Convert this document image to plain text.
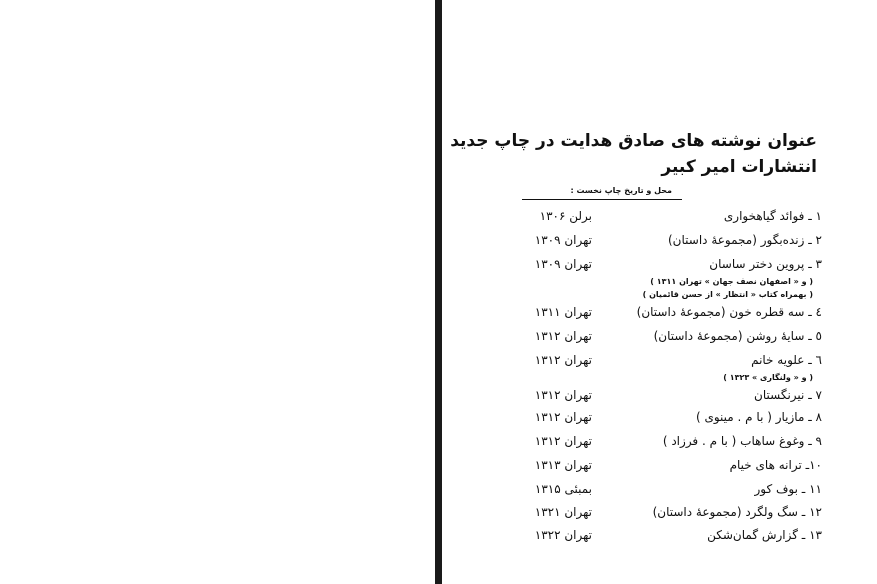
عنوان نوشته های صادق هدایت در چاپ جدید
انتشارات امیر کبیر
محل و تاریخ چاپ نخست :
۱ ـ فوائد گیاهخواری
برلن ۱۳۰۶
۲ ـ زنده‌بگور (مجموعهٔ داستان)
تهران ۱۳۰۹
۳ ـ پروین دختر ساسان
تهران ۱۳۰۹
( و « اصفهان نصف جهان » تهران ۱۳۱۱ )
( بهمراه کتاب « انتظار » از حسن قائمیان )
٤ ـ سه قطره خون (مجموعهٔ داستان)
تهران ۱۳۱۱
٥ ـ سایهٔ روشن (مجموعهٔ داستان)
تهران ۱۳۱۲
٦ ـ علویه خانم
تهران ۱۳۱۲
( و « ولنگاری » ۱۳۲۳ )
۷ ـ نیرنگستان
تهران ۱۳۱۲
۸ ـ مازیار ( با م . مینوی )
تهران ۱۳۱۲
۹ ـ وغوغ ساهاب ( با م . فرزاد )
تهران ۱۳۱۲
۱۰ـ ترانه های خیام
تهران ۱۳۱۳
۱۱ ـ بوف کور
بمبئی ۱۳۱۵
۱۲ ـ سگ ولگرد (مجموعهٔ داستان)
تهران ۱۳۲۱
۱۳ ـ گزارش گمان‌شکن
تهران ۱۳۲۲
